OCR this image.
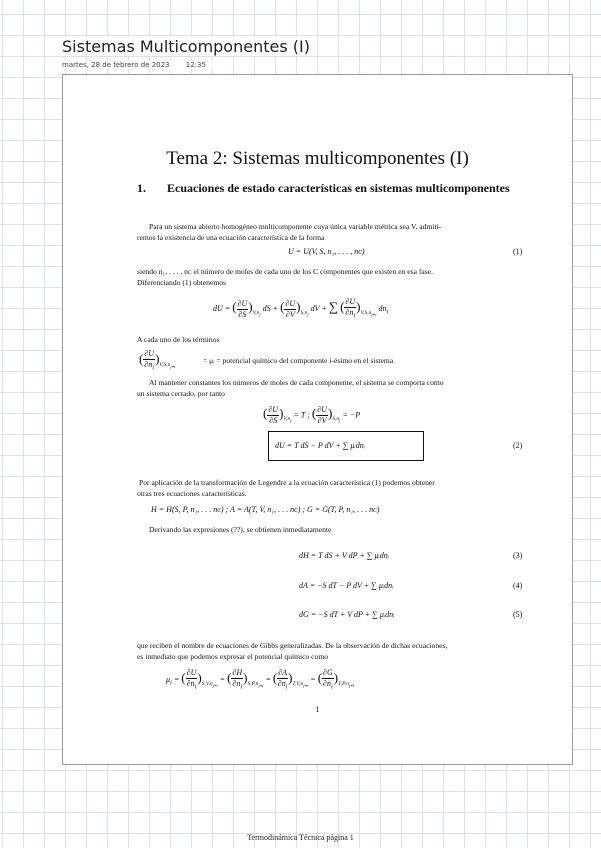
Sistemas Multicomponentes (I)
martes, 28 de febrero de 2023 12:35
Tema 2: Sistemas multicomponentes (I)
1. Ecuaciones de estado características en sistemas multicomponentes
Para un sistema abierto homogéneo multicomponente cuya única variable métrica sea V, admiti-
remos la existencia de una ecuación característica de la forma
U = U(V, S, n₁, . . . , nᴄ)	(1)
siendo n₁, . . . , nᴄ el número de moles de cada uno de los C componentes que existen en esa fase.
Diferenciando (1) obtenemos
dU = ( $\frac{\partial U}{\partial S} )_{V,n_j}$ dS + ( $\frac{\partial U}{\partial V} )_{S,n_j}$ dV + ∑ ( $\frac{\partial U}{\partial n_i} )_{V,S,n_{j\ne i}}$ $dn_i$
A cada uno de los términos
( $\frac{\partial U}{\partial n_i} )_{V,S,n_{j\ne i}}$
= μᵢ = potencial químico del componente i-ésimo en el sistema
Al mantener constantes los números de moles de cada componente, el sistema se comporta como
un sistema cerrado, por tanto
( $\frac{\partial U}{\partial S} )_{V,n_j} = T$ ; ( $\frac{\partial U}{\partial V} )_{S,n_j} = -P$
dU = T dS − P dV + ∑ μᵢdnᵢ	(2)
Por aplicación de la transformación de Legendre a la ecuación característica (1) podemos obtener
otras tres ecuaciones características.
H = H(S, P, n₁, . . . nᴄ) ; A = A(T, V, n₁, . . . nᴄ) ; G = G(T, P, n₁, . . . nᴄ)
Derivando las expresiones (??), se obtienen inmediatamente
dH = T dS + V dP + ∑ μᵢdnᵢ	(3)
dA = −S dT − P dV + ∑ μᵢdnᵢ	(4)
dG = −S dT + V dP + ∑ μᵢdnᵢ	(5)
que reciben el nombre de ecuaciones de Gibbs generalizadas. De la observación de dichas ecuaciones,
es inmediato que podemos expresar el potencial químico como
$\mu_i$ = ( $\frac{\partial U}{\partial n_i} )_{S,V,n_{j\ne i}}$ = ( $\frac{\partial H}{\partial n_i} )_{S,P,n_{j\ne i}}$ = ( $\frac{\partial A}{\partial n_i} )_{T,V,n_{j\ne i}}$ = ( $\frac{\partial G}{\partial n_i} )_{T,P,n_{j\ne i}}$
1
Termodinámica Técnica página 1
